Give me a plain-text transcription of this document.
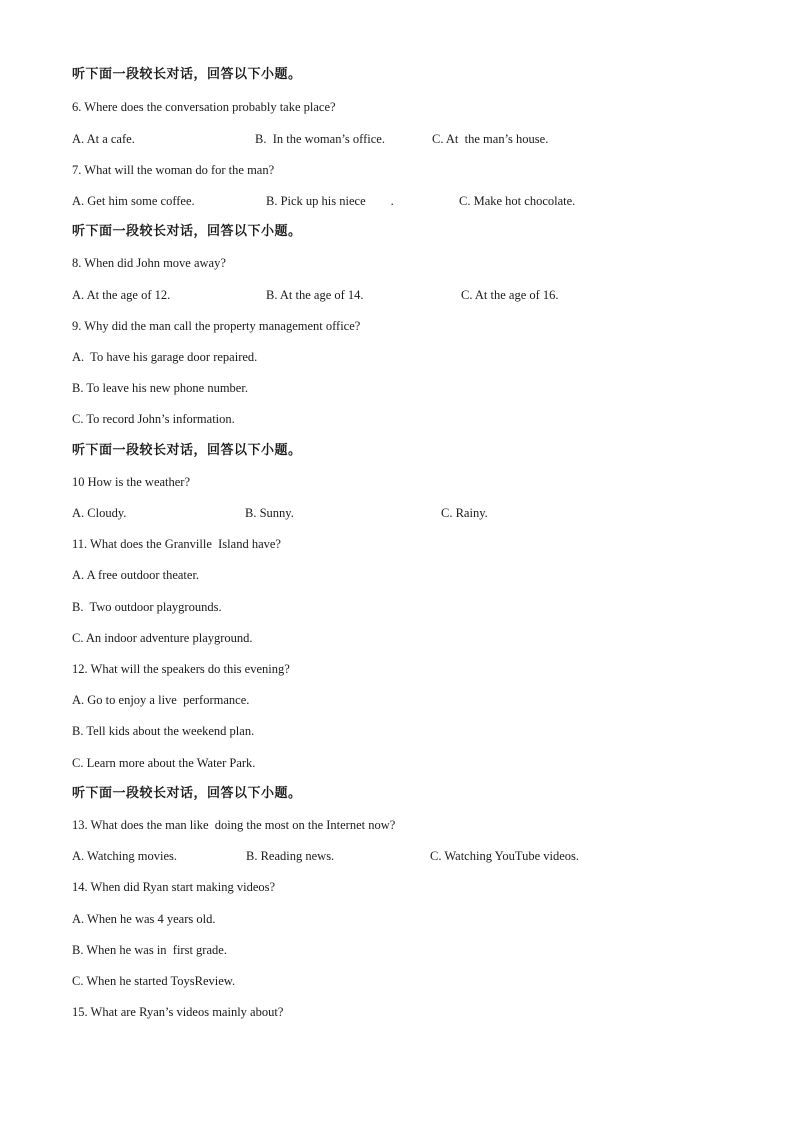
听下面一段较长对话，回答以下小题。
6. Where does the conversation probably take place?
A. At a cafe.	B.  In the woman’s office.	C. At  the man’s house.
7. What will the woman do for the man?
A. Get him some coffee.	B. Pick up his niece        .	C. Make hot chocolate.
听下面一段较长对话，回答以下小题。
8. When did John move away?
A. At the age of 12.	B. At the age of 14.	C. At the age of 16.
9. Why did the man call the property management office?
A.  To have his garage door repaired.
B. To leave his new phone number.
C. To record John’s information.
听下面一段较长对话，回答以下小题。
10 How is the weather?
A. Cloudy.	B. Sunny.	C. Rainy.
11. What does the Granville  Island have?
A. A free outdoor theater.
B.  Two outdoor playgrounds.
C. An indoor adventure playground.
12. What will the speakers do this evening?
A. Go to enjoy a live  performance.
B. Tell kids about the weekend plan.
C. Learn more about the Water Park.
听下面一段较长对话，回答以下小题。
13. What does the man like  doing the most on the Internet now?
A. Watching movies.	B. Reading news.	C. Watching YouTube videos.
14. When did Ryan start making videos?
A. When he was 4 years old.
B. When he was in  first grade.
C. When he started ToysReview.
15. What are Ryan’s videos mainly about?
